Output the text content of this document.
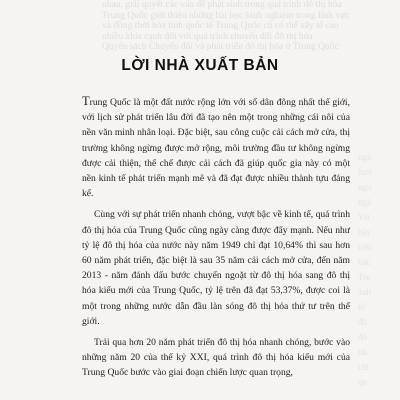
nhau, giải quyết các vấn đề phát sinh trong quá trình đô thị hóa
Trung Quốc giới thiệu những bài học kinh nghiệm trong lĩnh vực
và đồng thời hóa tính quốc tế Trung Quốc cũ có thể xây tế cao
nhiều khía cạnh đối với quá trình chuyển đổi đô thị hóa
Quyển sách Chuyển đổi và phát triển đô thị hóa ở Trung Quốc
LỜI NHÀ XUẤT BẢN

Trung Quốc là một đất nước rộng lớn với số dân đông nhất thế giới, với lịch sử phát triển lâu đời đã tạo nên một trong những cái nôi của nền văn minh nhân loại. Đặc biệt, sau công cuộc cải cách mở cửa, thị trường không ngừng được mở rộng, môi trường đầu tư không ngừng được cải thiện, thể chế được cải cách đã giúp quốc gia này có một nền kinh tế phát triển mạnh mẽ và đã đạt được nhiều thành tựu đáng kể.

Cùng với sự phát triển nhanh chóng, vượt bậc về kinh tế, quá trình đô thị hóa của Trung Quốc cũng ngày càng được đẩy mạnh. Nếu như tỷ lệ đô thị hóa của nước này năm 1949 chỉ đạt 10,64% thì sau hơn 60 năm phát triển, đặc biệt là sau 35 năm cải cách mở cửa, đến năm 2013 - năm đánh dấu bước chuyển ngoặt từ đô thị hóa sang đô thị hóa kiểu mới của Trung Quốc, tỷ lệ trên đã đạt 53,37%, được coi là một trong những nước dẫn đầu làn sóng đô thị hóa thứ tư trên thế giới.

Trải qua hơn 20 năm phát triển đô thị hóa nhanh chóng, bước vào những năm 20 của thế kỷ XXI, quá trình đô thị hóa kiểu mới của Trung Quốc bước vào giai đoạn chiến lược quan trọng,

ngà
hướ
ngu
ngà
Vớ
bày
tiến
bậc
Tru
ảnh
tổ
đô
đô
nh
chỉ
qu
